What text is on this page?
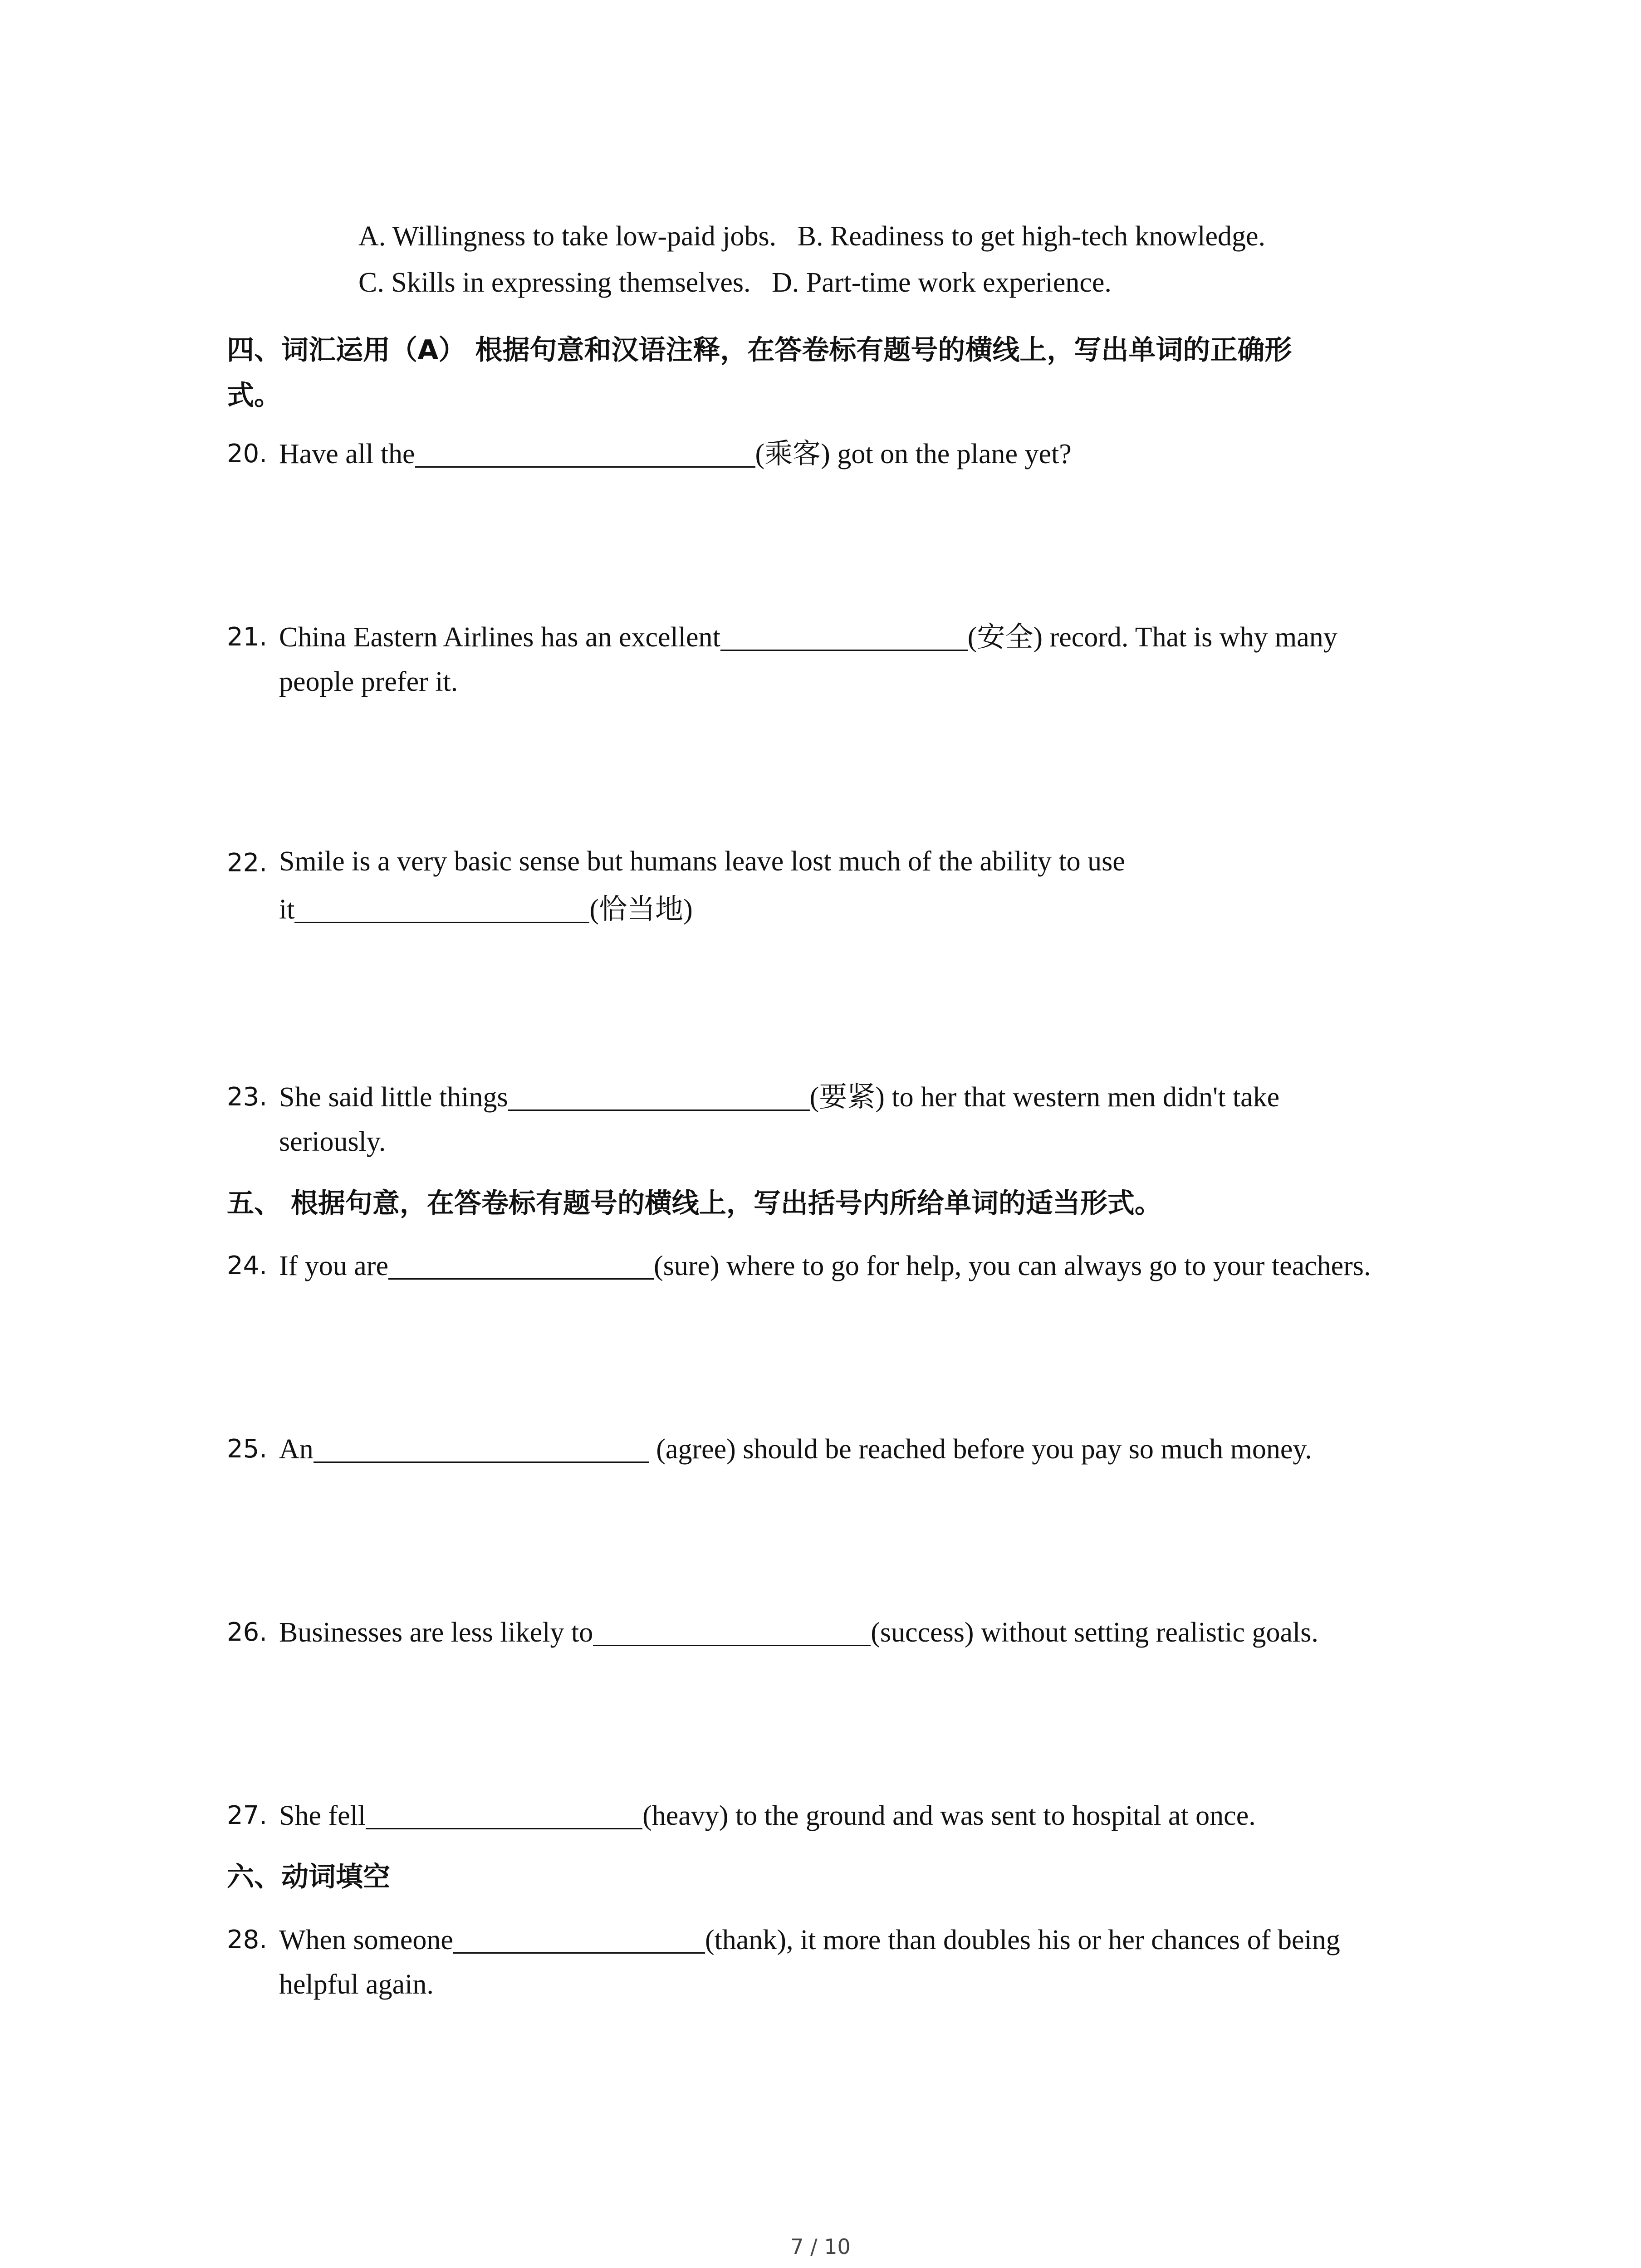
A. Willingness to take low-paid jobs. B. Readiness to get high-tech knowledge.
C. Skills in expressing themselves. D. Part-time work experience.
四、词汇运用（A） 根据句意和汉语注释，在答卷标有题号的横线上，写出单词的正确形
式。
20. Have all the	(乘客) got on the plane yet?
21. China Eastern Airlines has an excellent	(安全) record. That is why many
people prefer it.
22. Smile is a very basic sense but humans leave lost much of the ability to use
it	(恰当地)
23. She said little things	(要紧) to her that western men didn't take
seriously.
五、 根据句意，在答卷标有题号的横线上，写出括号内所给单词的适当形式。
24. If you are	(sure) where to go for help, you can always go to your teachers.
25. An	(agree) should be reached before you pay so much money.
26. Businesses are less likely to	(success) without setting realistic goals.
27. She fell	(heavy) to the ground and was sent to hospital at once.
六、动词填空
28. When someone	(thank), it more than doubles his or her chances of being
helpful again.
7 / 10
